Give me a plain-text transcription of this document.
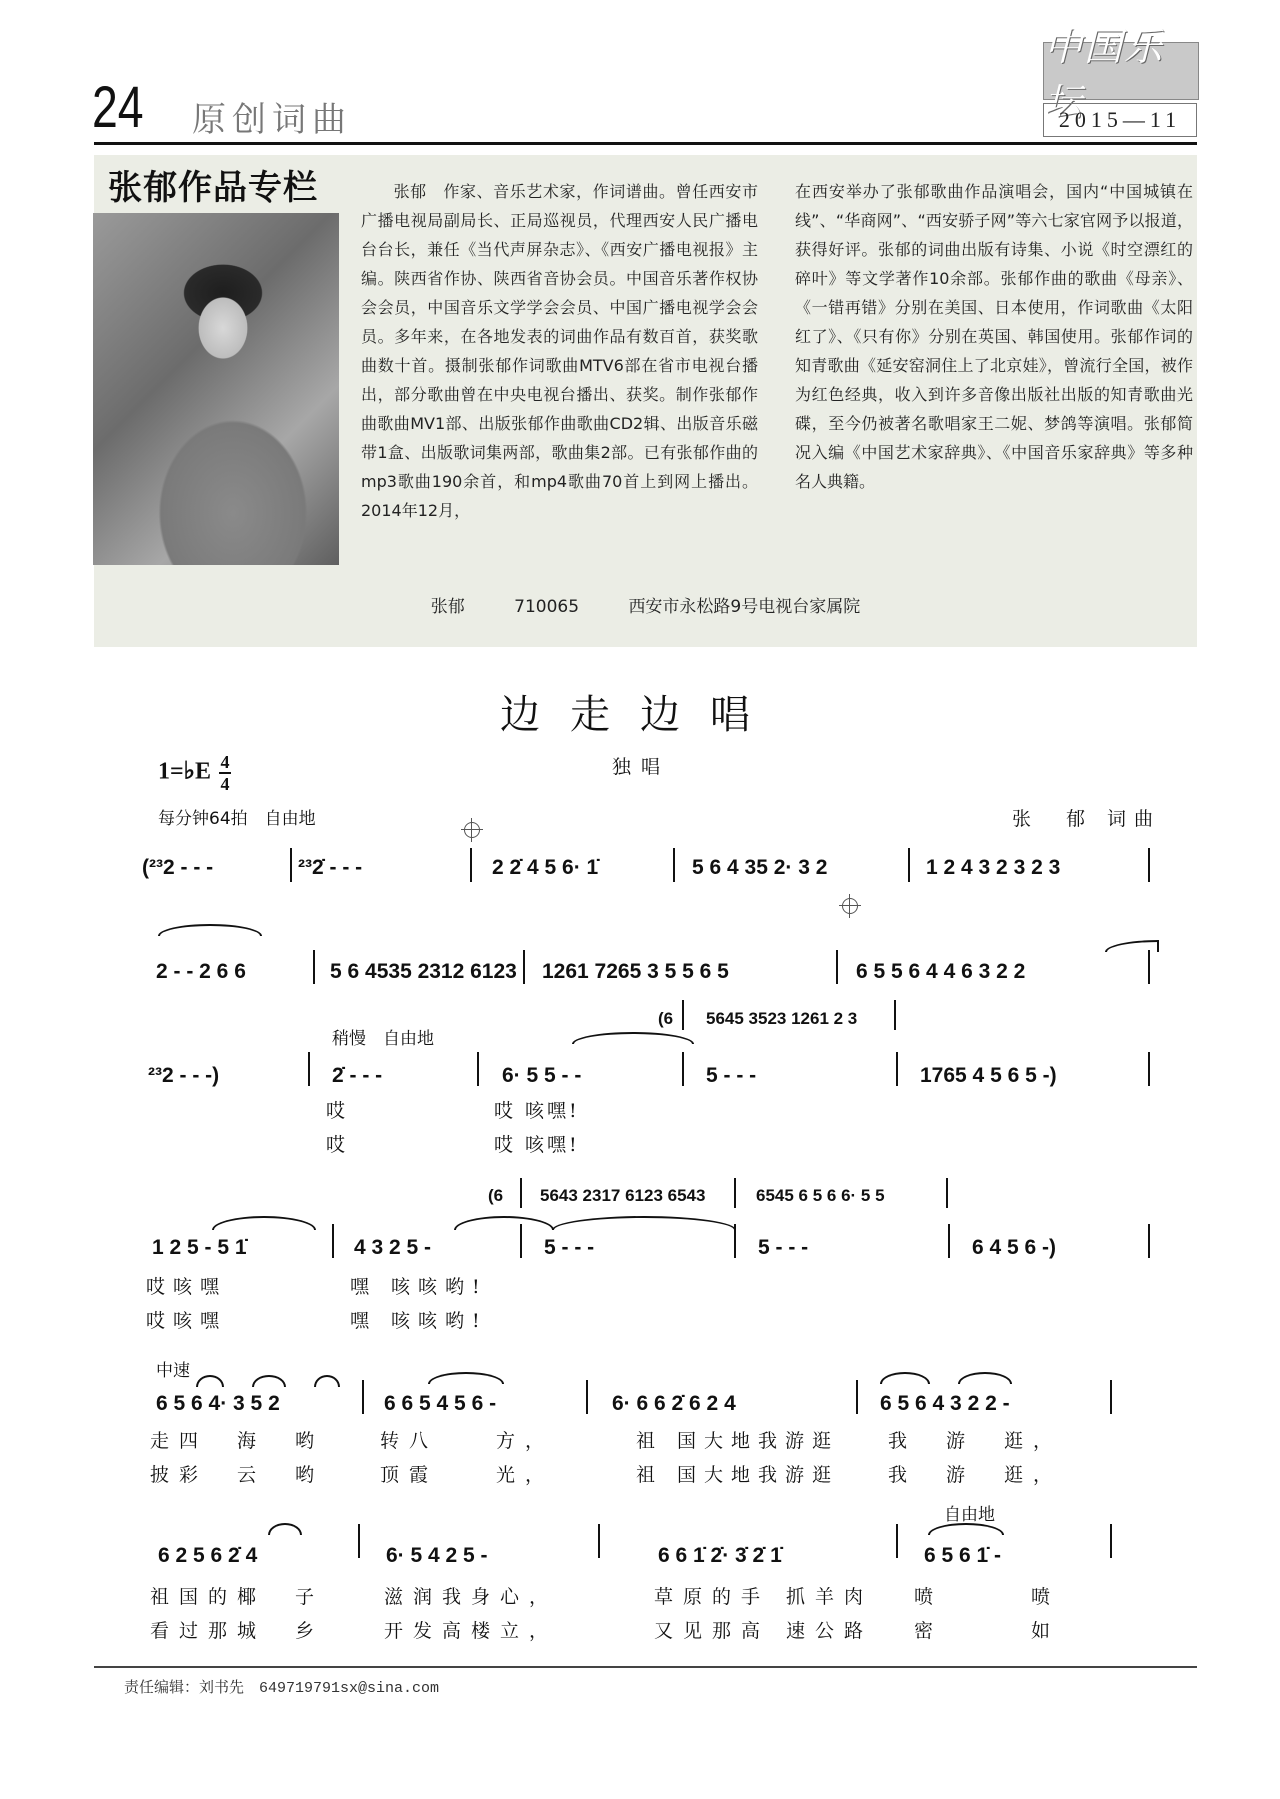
24 原创词曲
中国乐坛
2015—11
张郁作品专栏	张郁　作家、音乐艺术家，作词谱曲。曾任西安市广播电视局副局长、正局巡视员，代理西安人民广播电台台长，兼任《当代声屏杂志》、《西安广播电视报》主编。陕西省作协、陕西省音协会员。中国音乐著作权协会会员，中国音乐文学学会会员、中国广播电视学会会员。多年来，在各地发表的词曲作品有数百首，获奖歌曲数十首。摄制张郁作词歌曲MTV6部在省市电视台播出，部分歌曲曾在中央电视台播出、获奖。制作张郁作曲歌曲MV1部、出版张郁作曲歌曲CD2辑、出版音乐磁带1盒、出版歌词集两部，歌曲集2部。已有张郁作曲的mp3歌曲190余首，和mp4歌曲70首上到网上播出。2014年12月，
在西安举办了张郁歌曲作品演唱会，国内“中国城镇在线”、“华商网”、“西安骄子网”等六七家官网予以报道，获得好评。张郁的词曲出版有诗集、小说《时空漂红的碎叶》等文学著作10余部。张郁作曲的歌曲《母亲》、《一错再错》分别在美国、日本使用，作词歌曲《太阳红了》、《只有你》分别在英国、韩国使用。张郁作词的知青歌曲《延安窑洞住上了北京娃》，曾流行全国，被作为红色经典，收入到许多音像出版社出版的知青歌曲光碟，至今仍被著名歌唱家王二妮、梦鸽等演唱。张郁简况入编《中国艺术家辞典》、《中国音乐家辞典》等多种名人典籍。
张郁	710065	西安市永松路9号电视台家属院
边走边唱
1=♭E $\frac{4}{4}$	独唱
每分钟64拍　自由地	张　郁 词曲
(²³2 - - -	²³2̇ - - -	2 2̇ 4 5 6· 1̇	5 6 4 35 2· 3 2	1 2 4 3 2 3 2 3
2 - - 2 6 6	5 6 4535 2312 6123 1261 7265 3 5 5 6 5	6 5 5 6 4 4 6 3 2 2
(6 5645 3523 1261 2 3
稍慢　自由地
²³2 - - -)	2̇ - - -	6· 5 5 - -	5 - - -	1765 4 5 6 5 -)
哎	哎 咳嘿!
哎	哎 咳嘿!
(6 5643 2317 6123 6543	6545 6 5 6 6· 5 5
1 2 5 - 5 1̇	4 3 2 5 -	5 - - -	5 - - -	6 4 5 6 -)
哎咳嘿	嘿 咳咳哟!
哎咳嘿	嘿 咳咳哟!
中速
6 5 6 4· 3 5 2	6 6 5 4 5 6 -	6· 6 6 2̇ 6 2 4	6 5 6 4 3 2 2 -
走四　海　哟	转八　　方，	祖 国大地我游逛	我　游　逛，
披彩　云　哟	顶霞　　光，	祖 国大地我游逛	我　游　逛，
自由地
6 2 5 6 2̇ 4	6· 5 4 2 5 -	6 6 1̇ 2̇· 3̇ 2̇ 1̇	6 5 6 1̇ -
祖国的椰　子	滋润我身心，	草原的手 抓羊肉 喷　　喷
看过那城　乡	开发高楼立，	又见那高 速公路 密　　如
责任编辑：刘书先　649719791sx@sina.com
